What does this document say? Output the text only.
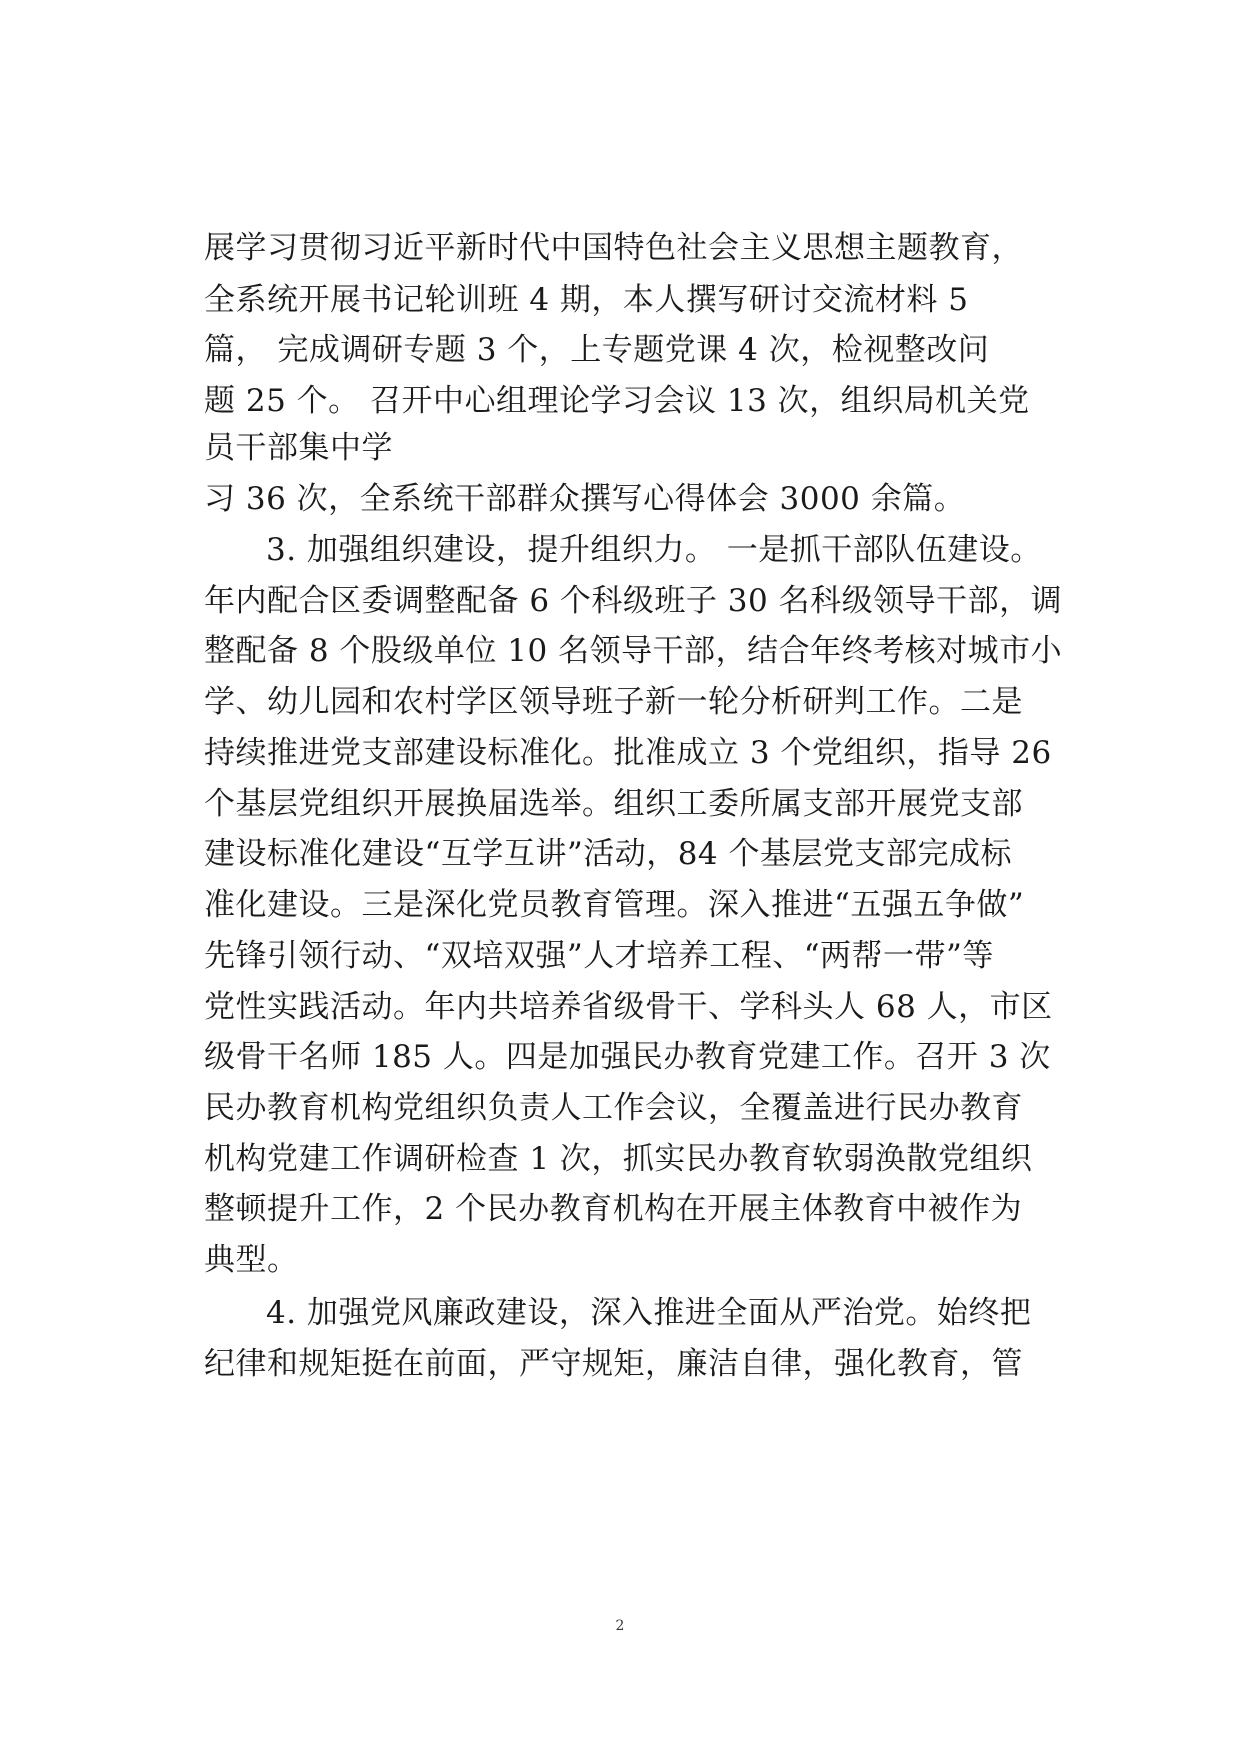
展学习贯彻习近平新时代中国特色社会主义思想主题教育，
全系统开展书记轮训班 4 期，本人撰写研讨交流材料 5
篇， 完成调研专题 3 个，上专题党课 4 次，检视整改问
题 25 个。 召开中心组理论学习会议 13 次，组织局机关党
员干部集中学
习 36 次，全系统干部群众撰写心得体会 3000 余篇。
3. 加强组织建设，提升组织力。 一是抓干部队伍建设。
年内配合区委调整配备 6 个科级班子 30 名科级领导干部，调
整配备 8 个股级单位 10 名领导干部，结合年终考核对城市小
学、幼儿园和农村学区领导班子新一轮分析研判工作。二是
持续推进党支部建设标准化。批准成立 3 个党组织，指导 26
个基层党组织开展换届选举。组织工委所属支部开展党支部
建设标准化建设“互学互讲”活动，84 个基层党支部完成标
准化建设。三是深化党员教育管理。深入推进“五强五争做”
先锋引领行动、“双培双强”人才培养工程、“两帮一带”等
党性实践活动。年内共培养省级骨干、学科头人 68 人，市区
级骨干名师 185 人。四是加强民办教育党建工作。召开 3 次
民办教育机构党组织负责人工作会议，全覆盖进行民办教育
机构党建工作调研检查 1 次，抓实民办教育软弱涣散党组织
整顿提升工作，2 个民办教育机构在开展主体教育中被作为
典型。
4. 加强党风廉政建设，深入推进全面从严治党。始终把
纪律和规矩挺在前面，严守规矩，廉洁自律，强化教育，管
2
